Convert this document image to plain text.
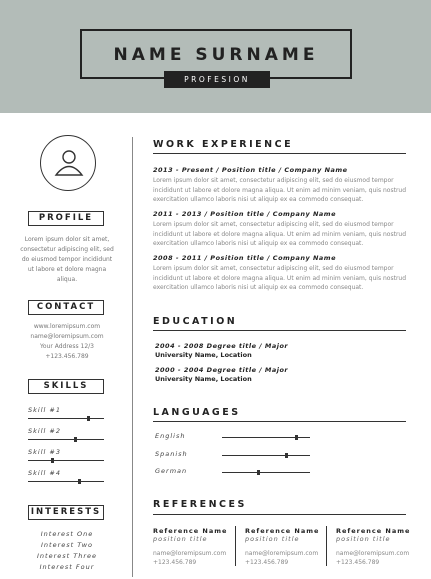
NAME SURNAME
PROFESION
PROFILE
Lorem ipsum dolor sit amet, consectetur adipiscing elit, sed do eiusmod tempor incididunt ut labore et dolore magna aliqua.
CONTACT
www.loremipsum.com
name@loremipsum.com
Your Address 12/3
+123.456.789
SKILLS
Skill #1
Skill #2
Skill #3
Skill #4
INTERESTS
Interest One
Interest Two
Interest Three
Interest Four
WORK EXPERIENCE
2013 - Present / Position title / Company Name
Lorem ipsum dolor sit amet, consectetur adipiscing elit, sed do eiusmod tempor incididunt ut labore et dolore magna aliqua. Ut enim ad minim veniam, quis nostrud exercitation ullamco laboris nisi ut aliquip ex ea commodo consequat.
2011 - 2013 / Position title / Company Name
Lorem ipsum dolor sit amet, consectetur adipiscing elit, sed do eiusmod tempor incididunt ut labore et dolore magna aliqua. Ut enim ad minim veniam, quis nostrud exercitation ullamco laboris nisi ut aliquip ex ea commodo consequat.
2008 - 2011 / Position title / Company Name
Lorem ipsum dolor sit amet, consectetur adipiscing elit, sed do eiusmod tempor incididunt ut labore et dolore magna aliqua. Ut enim ad minim veniam, quis nostrud exercitation ullamco laboris nisi ut aliquip ex ea commodo consequat.
EDUCATION
2004 - 2008 Degree title / Major
University Name, Location
2000 - 2004 Degree title / Major
University Name, Location
LANGUAGES
English
Spanish
German
REFERENCES
Reference Name
position title
name@loremipsum.com
+123.456.789
Reference Name
position title
name@loremipsum.com
+123.456.789
Reference Name
position title
name@loremipsum.com
+123.456.789
